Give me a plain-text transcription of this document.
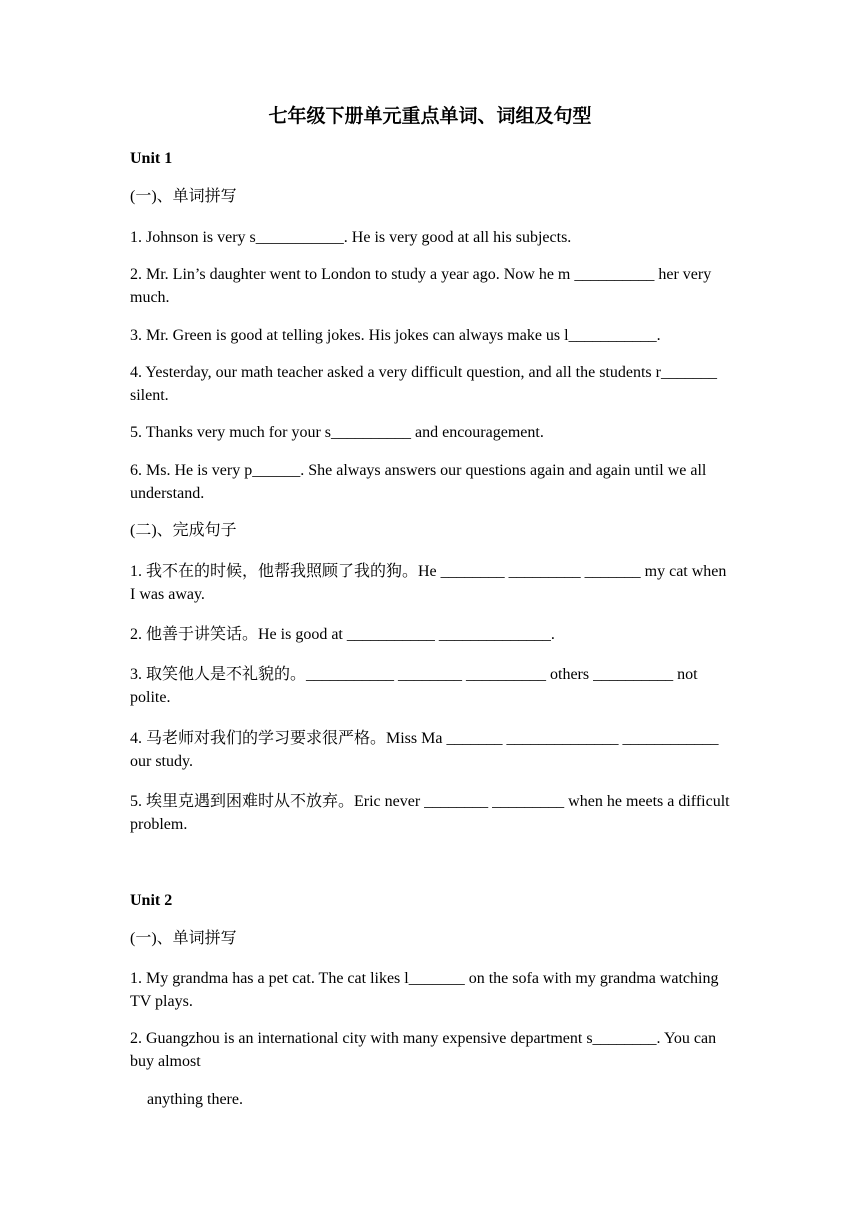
七年级下册单元重点单词、词组及句型
Unit 1
(一)、单词拼写
1. Johnson is very s___________. He is very good at all his subjects.
2. Mr. Lin’s daughter went to London to study a year ago. Now he m __________ her very much.
3. Mr. Green is good at telling jokes. His jokes can always make us l___________.
4. Yesterday, our math teacher asked a very difficult question, and all the students r_______ silent.
5. Thanks very much for your s__________ and encouragement.
6. Ms. He is very p______. She always answers our questions again and again until we all understand.
(二)、完成句子
1. 我不在的时候，他帮我照顾了我的狗。He ________ _________ _______ my cat when I was away.
2. 他善于讲笑话。He is good at ___________ ______________.
3. 取笑他人是不礼貌的。___________ ________ __________ others __________ not polite.
4. 马老师对我们的学习要求很严格。Miss Ma _______ ______________ ____________ our study.
5. 埃里克遇到困难时从不放弃。Eric never ________ _________ when he meets a difficult problem.
Unit 2
(一)、单词拼写
1. My grandma has a pet cat. The cat likes l_______ on the sofa with my grandma watching TV plays.
2. Guangzhou is an international city with many expensive department s________. You can buy almost
anything there.
